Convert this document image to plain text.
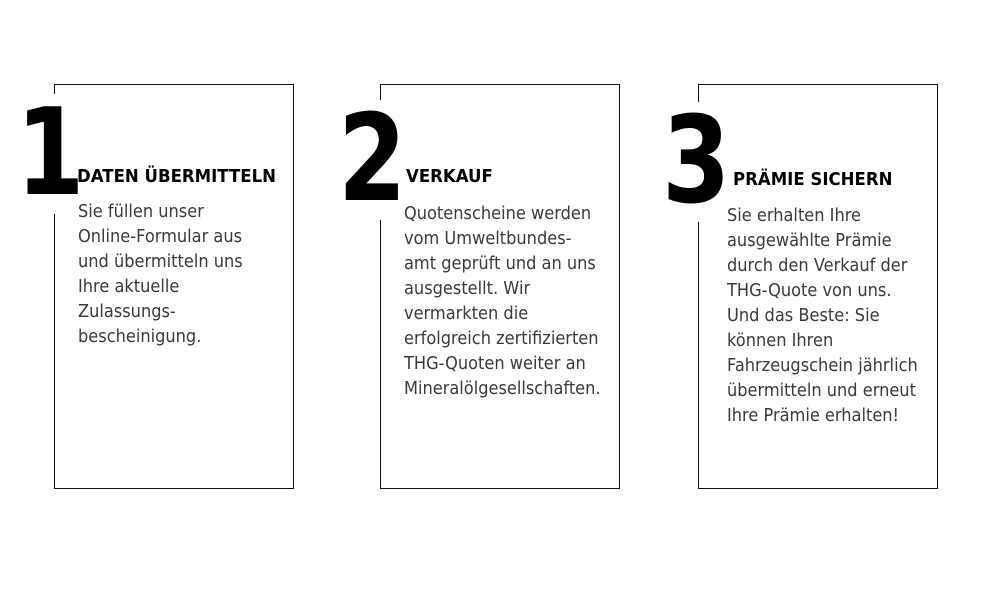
1
DATEN ÜBERMITTELN

Sie füllen unser
Online-Formular aus
und übermitteln uns
Ihre aktuelle
Zulassungs-
bescheinigung.

2 VERKAUF

Quotenscheine werden
vom Umweltbundes-
amt geprüft und an uns
ausgestellt. Wir
vermarkten die
erfolgreich zertifizierten
THG-Quoten weiter an
Mineralölgesellschaften.

3 PRÄMIE SICHERN

Sie erhalten Ihre
ausgewählte Prämie
durch den Verkauf der
THG-Quote von uns.
Und das Beste: Sie
können Ihren
Fahrzeugschein jährlich
übermitteln und erneut
Ihre Prämie erhalten!
